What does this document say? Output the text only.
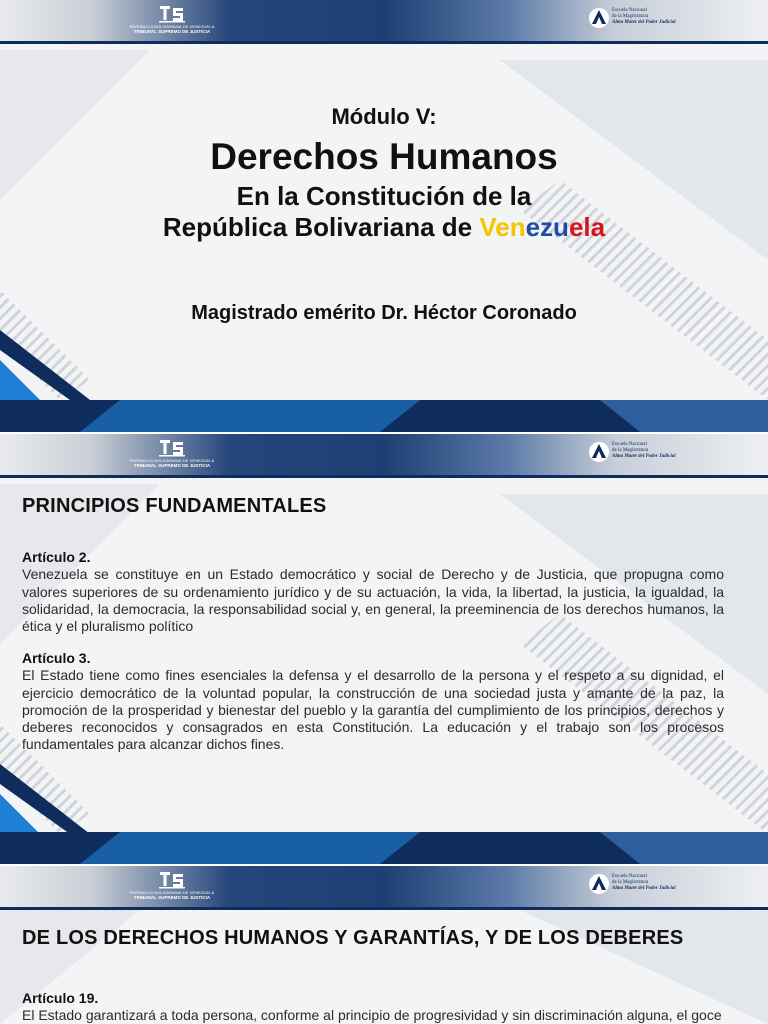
REPÚBLICA BOLIVARIANA DE VENEZUELA
TRIBUNAL SUPREMO DE JUSTICIA
Escuela Nacional
de la Magistratura
Alma Mater del Poder Judicial
Módulo V:
Derechos Humanos
En la Constitución de la
República Bolivariana de Venezuela
Magistrado emérito Dr. Héctor Coronado
REPÚBLICA BOLIVARIANA DE VENEZUELA
TRIBUNAL SUPREMO DE JUSTICIA
Escuela Nacional
de la Magistratura
Alma Mater del Poder Judicial
PRINCIPIOS FUNDAMENTALES
Artículo 2.
Venezuela se constituye en un Estado democrático y social de Derecho y de Justicia, que propugna como valores superiores de su ordenamiento jurídico y de su actuación, la vida, la libertad, la justicia, la igualdad, la solidaridad, la democracia, la responsabilidad social y, en general, la preeminencia de los derechos humanos, la ética y el pluralismo político
Artículo 3.
El Estado tiene como fines esenciales la defensa y el desarrollo de la persona y el respeto a su dignidad, el ejercicio democrático de la voluntad popular, la construcción de una sociedad justa y amante de la paz, la promoción de la prosperidad y bienestar del pueblo y la garantía del cumplimiento de los principios, derechos y deberes reconocidos y consagrados en esta Constitución. La educación y el trabajo son los procesos fundamentales para alcanzar dichos fines.
REPÚBLICA BOLIVARIANA DE VENEZUELA
TRIBUNAL SUPREMO DE JUSTICIA
Escuela Nacional
de la Magistratura
Alma Mater del Poder Judicial
DE LOS DERECHOS HUMANOS Y GARANTÍAS, Y DE LOS DEBERES
Artículo 19.
El Estado garantizará a toda persona, conforme al principio de progresividad y sin discriminación alguna, el goce
